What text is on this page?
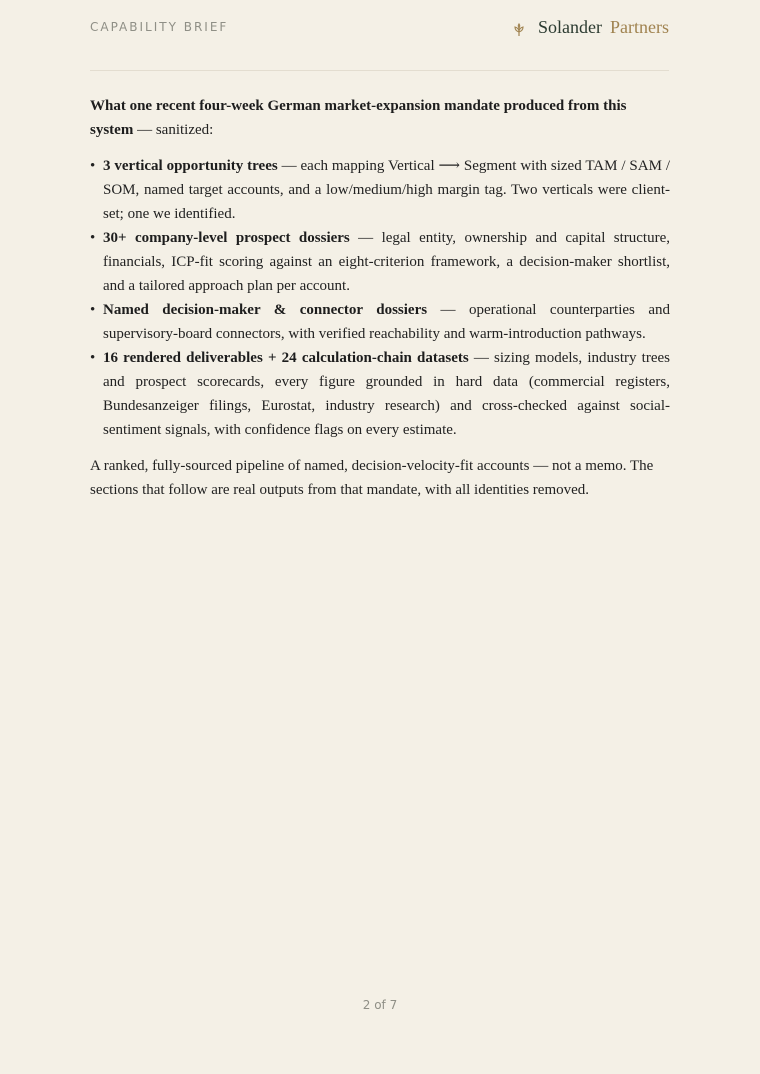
CAPABILITY BRIEF	Solander Partners

What one recent four-week German market-expansion mandate produced from this system — sanitized:

• 3 vertical opportunity trees — each mapping Vertical ⟶ Segment with sized TAM / SAM / SOM, named target accounts, and a low/medium/high margin tag. Two verticals were client-set; one we identified.
• 30+ company-level prospect dossiers — legal entity, ownership and capital structure, financials, ICP-fit scoring against an eight-criterion framework, a decision-maker shortlist, and a tailored approach plan per account.
• Named decision-maker & connector dossiers — operational counterparties and supervisory-board connectors, with verified reachability and warm-introduction pathways.
• 16 rendered deliverables + 24 calculation-chain datasets — sizing models, industry trees and prospect scorecards, every figure grounded in hard data (commercial registers, Bundesanzeiger filings, Eurostat, industry research) and cross-checked against social-sentiment signals, with confidence flags on every estimate.

A ranked, fully-sourced pipeline of named, decision-velocity-fit accounts — not a memo. The sections that follow are real outputs from that mandate, with all identities removed.

2 of 7
